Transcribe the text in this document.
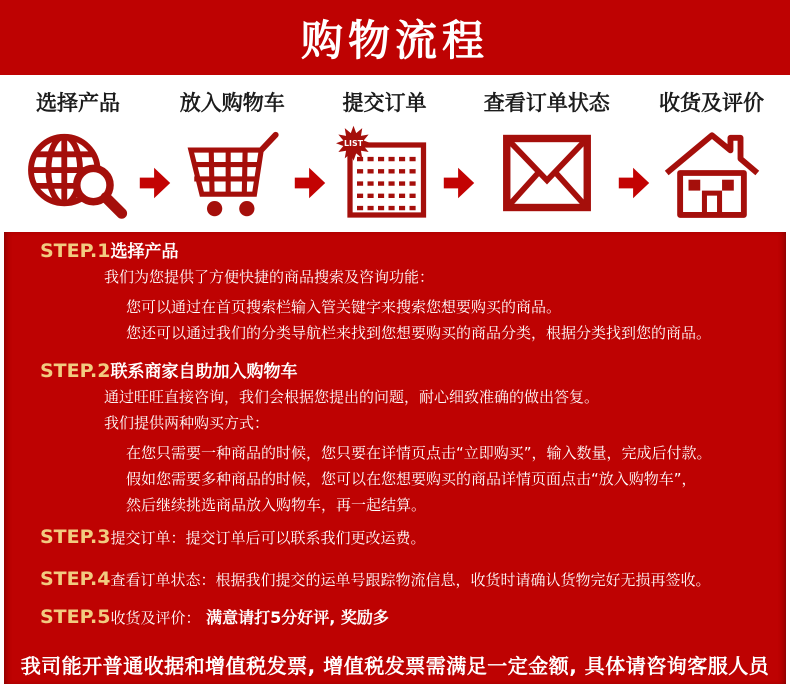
购物流程
选择产品	放入购物车	提交订单
LIST
查看订单状态 收货及评价
STEP.1 选择产品
我们为您提供了方便快捷的商品搜索及咨询功能：
您可以通过在首页搜索栏输入管关键字来搜索您想要购买的商品。
您还可以通过我们的分类导航栏来找到您想要购买的商品分类，根据分类找到您的商品。
STEP.2 联系商家自助加入购物车
通过旺旺直接咨询，我们会根据您提出的问题，耐心细致准确的做出答复。
我们提供两种购买方式：
在您只需要一种商品的时候，您只要在详情页点击“立即购买”，输入数量，完成后付款。
假如您需要多种商品的时候，您可以在您想要购买的商品详情页面点击“放入购物车”，
然后继续挑选商品放入购物车，再一起结算。
STEP.3 提交订单：提交订单后可以联系我们更改运费。
STEP.4 查看订单状态：根据我们提交的运单号跟踪物流信息，收货时请确认货物完好无损再签收。
STEP.5 收货及评价： 满意请打5分好评, 奖励多
我司能开普通收据和增值税发票, 增值税发票需满足一定金额, 具体请咨询客服人员
